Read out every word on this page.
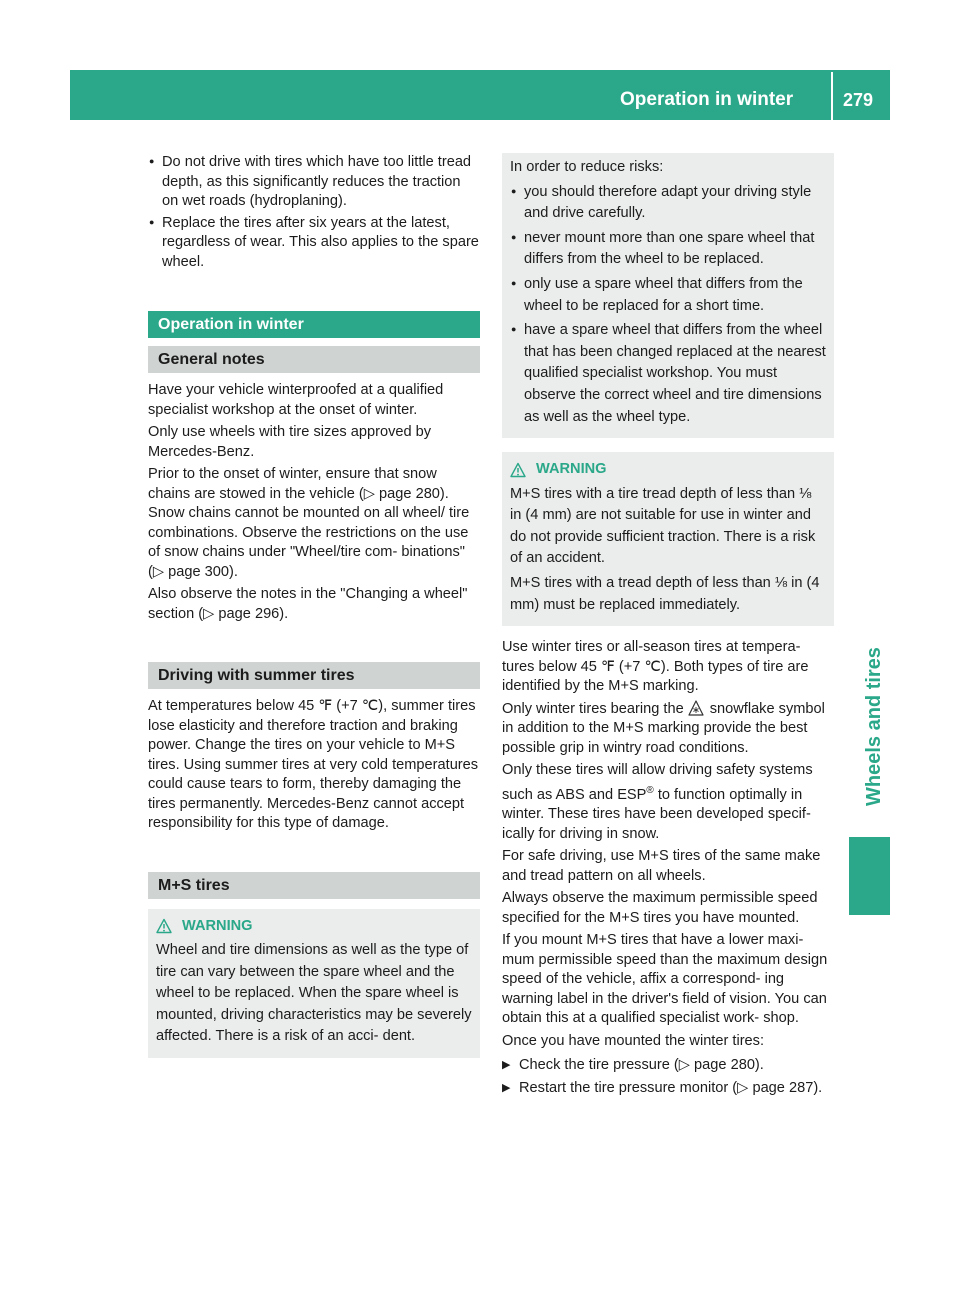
Operation in winter	279
Wheels and tires
● Do not drive with tires which have too little tread depth, as this significantly reduces the traction on wet roads (hydroplaning).
● Replace the tires after six years at the latest, regardless of wear. This also applies to the spare wheel.
Operation in winter
General notes

Have your vehicle winterproofed at a qualified specialist workshop at the onset of winter.

Only use wheels with tire sizes approved by Mercedes-Benz.

Prior to the onset of winter, ensure that snow chains are stowed in the vehicle (▷ page 280). Snow chains cannot be mounted on all wheel/ tire combinations. Observe the restrictions on the use of snow chains under "Wheel/tire com- binations" (▷ page 300).

Also observe the notes in the "Changing a wheel" section (▷ page 296).

Driving with summer tires

At temperatures below 45 ℉ (+7 ℃), summer tires lose elasticity and therefore traction and braking power. Change the tires on your vehicle to M+S tires. Using summer tires at very cold temperatures could cause tears to form, thereby damaging the tires permanently. Mercedes-Benz cannot accept responsibility for this type of damage.

M+S tires
WARNING

Wheel and tire dimensions as well as the type of tire can vary between the spare wheel and the wheel to be replaced. When the spare wheel is mounted, driving characteristics may be severely affected. There is a risk of an acci- dent.

In order to reduce risks:

● you should therefore adapt your driving style and drive carefully.
● never mount more than one spare wheel that differs from the wheel to be replaced.
● only use a spare wheel that differs from the wheel to be replaced for a short time.
● have a spare wheel that differs from the wheel that has been changed replaced at the nearest qualified specialist workshop. You must observe the correct wheel and tire dimensions as well as the wheel type.
WARNING

M+S tires with a tire tread depth of less than ⅛ in (4 mm) are not suitable for use in winter and do not provide sufficient traction. There is a risk of an accident.

M+S tires with a tread depth of less than ⅛ in (4 mm) must be replaced immediately.

Use winter tires or all-season tires at tempera- tures below 45 ℉ (+7 ℃). Both types of tire are identified by the M+S marking.

Only winter tires bearing the snowflake symbol in addition to the M+S marking provide the best possible grip in wintry road conditions.

Only these tires will allow driving safety systems such as ABS and ESP® to function optimally in winter. These tires have been developed specif- ically for driving in snow.

For safe driving, use M+S tires of the same make and tread pattern on all wheels.

Always observe the maximum permissible speed specified for the M+S tires you have mounted.

If you mount M+S tires that have a lower maxi- mum permissible speed than the maximum design speed of the vehicle, affix a correspond- ing warning label in the driver's field of vision. You can obtain this at a qualified specialist work- shop.

Once you have mounted the winter tires:

▶ Check the tire pressure (▷ page 280).
▶ Restart the tire pressure monitor (▷ page 287).
